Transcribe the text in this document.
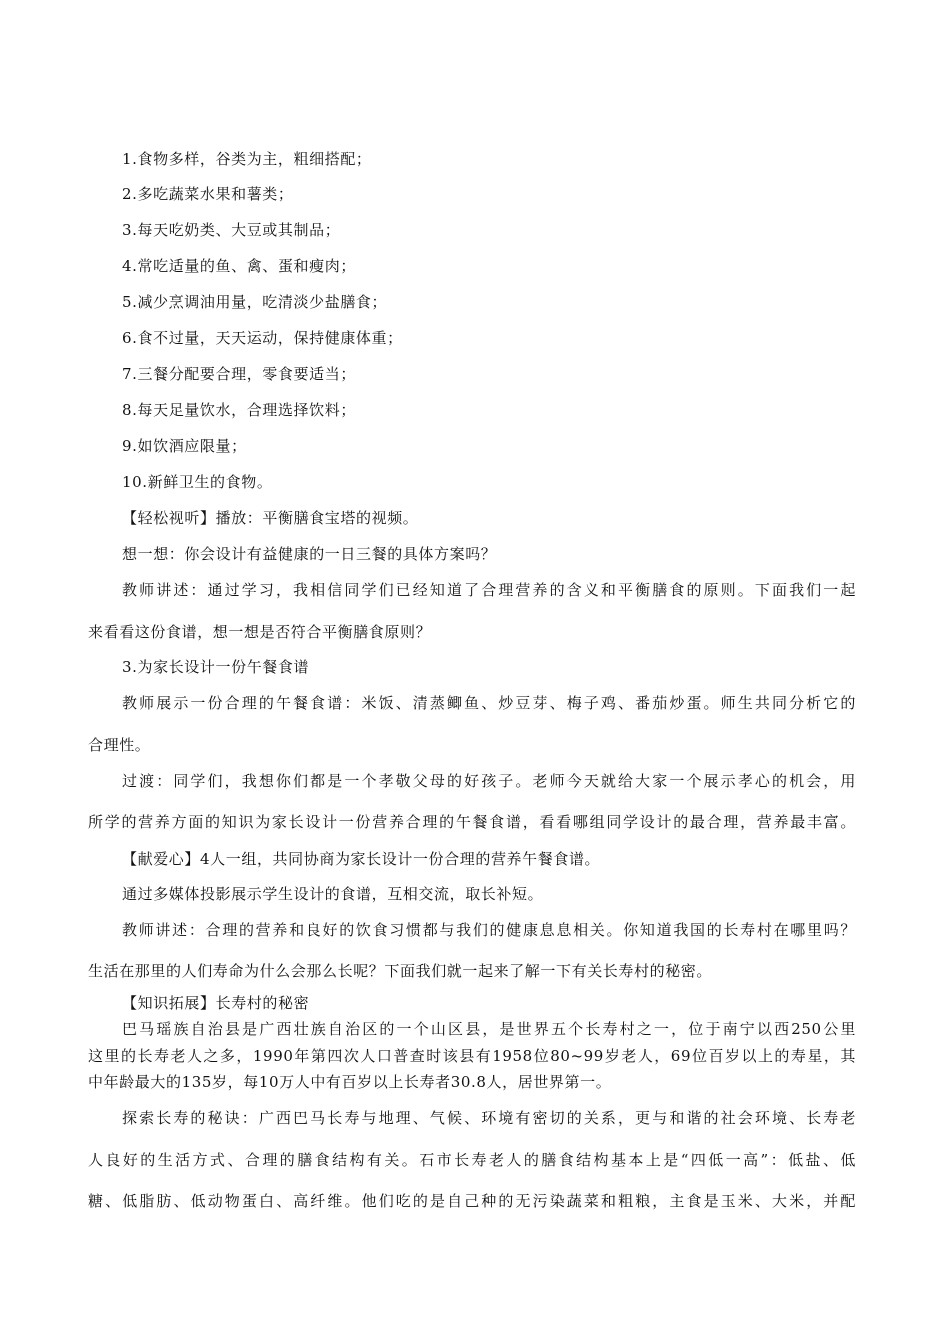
1.食物多样，谷类为主，粗细搭配；
2.多吃蔬菜水果和薯类；
3.每天吃奶类、大豆或其制品；
4.常吃适量的鱼、禽、蛋和瘦肉；
5.减少烹调油用量，吃清淡少盐膳食；
6.食不过量，天天运动，保持健康体重；
7.三餐分配要合理，零食要适当；
8.每天足量饮水，合理选择饮料；
9.如饮酒应限量；
10.新鲜卫生的食物。
【轻松视听】播放：平衡膳食宝塔的视频。
想一想：你会设计有益健康的一日三餐的具体方案吗？
教师讲述：通过学习，我相信同学们已经知道了合理营养的含义和平衡膳食的原则。下面我们一起
来看看这份食谱，想一想是否符合平衡膳食原则？
3.为家长设计一份午餐食谱
教师展示一份合理的午餐食谱：米饭、清蒸鲫鱼、炒豆芽、梅子鸡、番茄炒蛋。师生共同分析它的
合理性。
过渡：同学们，我想你们都是一个孝敬父母的好孩子。老师今天就给大家一个展示孝心的机会，用
所学的营养方面的知识为家长设计一份营养合理的午餐食谱，看看哪组同学设计的最合理，营养最丰富。
【献爱心】4人一组，共同协商为家长设计一份合理的营养午餐食谱。
通过多媒体投影展示学生设计的食谱，互相交流，取长补短。
教师讲述：合理的营养和良好的饮食习惯都与我们的健康息息相关。你知道我国的长寿村在哪里吗？
生活在那里的人们寿命为什么会那么长呢？下面我们就一起来了解一下有关长寿村的秘密。
【知识拓展】长寿村的秘密
巴马瑶族自治县是广西壮族自治区的一个山区县，是世界五个长寿村之一，位于南宁以西250公里
这里的长寿老人之多，1990年第四次人口普查时该县有1958位80~99岁老人，69位百岁以上的寿星，其
中年龄最大的135岁，每10万人中有百岁以上长寿者30.8人，居世界第一。
探索长寿的秘诀：广西巴马长寿与地理、气候、环境有密切的关系，更与和谐的社会环境、长寿老
人良好的生活方式、合理的膳食结构有关。石市长寿老人的膳食结构基本上是“四低一高”：低盐、低
糖、低脂肪、低动物蛋白、高纤维。他们吃的是自己种的无污染蔬菜和粗粮，主食是玉米、大米，并配
